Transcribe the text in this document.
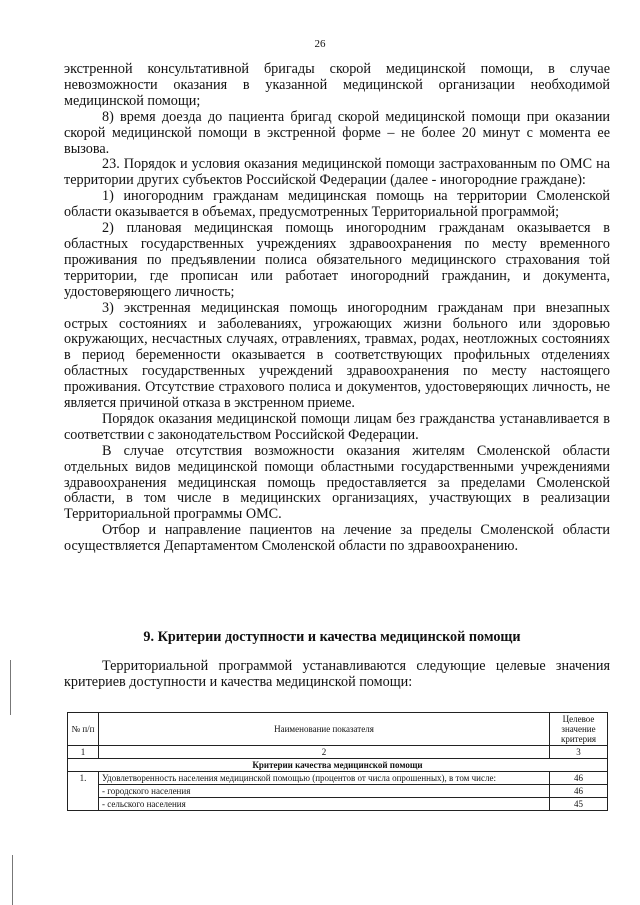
26

экстренной консультативной бригады скорой медицинской помощи, в случае невозможности оказания в указанной медицинской организации необходимой медицинской помощи;

8) время доезда до пациента бригад скорой медицинской помощи при оказании скорой медицинской помощи в экстренной форме – не более 20 минут с момента ее вызова.

23. Порядок и условия оказания медицинской помощи застрахованным по ОМС на территории других субъектов Российской Федерации (далее - иногородние граждане):

1) иногородним гражданам медицинская помощь на территории Смоленской области оказывается в объемах, предусмотренных Территориальной программой;

2) плановая медицинская помощь иногородним гражданам оказывается в областных государственных учреждениях здравоохранения по месту временного проживания по предъявлении полиса обязательного медицинского страхования той территории, где прописан или работает иногородний гражданин, и документа, удостоверяющего личность;

3) экстренная медицинская помощь иногородним гражданам при внезапных острых состояниях и заболеваниях, угрожающих жизни больного или здоровью окружающих, несчастных случаях, отравлениях, травмах, родах, неотложных состояниях в период беременности оказывается в соответствующих профильных отделениях областных государственных учреждений здравоохранения по месту настоящего проживания. Отсутствие страхового полиса и документов, удостоверяющих личность, не является причиной отказа в экстренном приеме.

Порядок оказания медицинской помощи лицам без гражданства устанавливается в соответствии с законодательством Российской Федерации.

В случае отсутствия возможности оказания жителям Смоленской области отдельных видов медицинской помощи областными государственными учреждениями здравоохранения медицинская помощь предоставляется за пределами Смоленской области, в том числе в медицинских организациях, участвующих в реализации Территориальной программы ОМС.

Отбор и направление пациентов на лечение за пределы Смоленской области осуществляется Департаментом Смоленской области по здравоохранению.

9. Критерии доступности и качества медицинской помощи

Территориальной программой устанавливаются следующие целевые значения критериев доступности и качества медицинской помощи:

№ п/п	Наименование показателя	Целевое значение критерия
1	2	3
Критерии качества медицинской помощи		
1.	Удовлетворенность населения медицинской помощью (процентов от числа опрошенных), в том числе:	46
	- городского населения	46
	- сельского населения	45
